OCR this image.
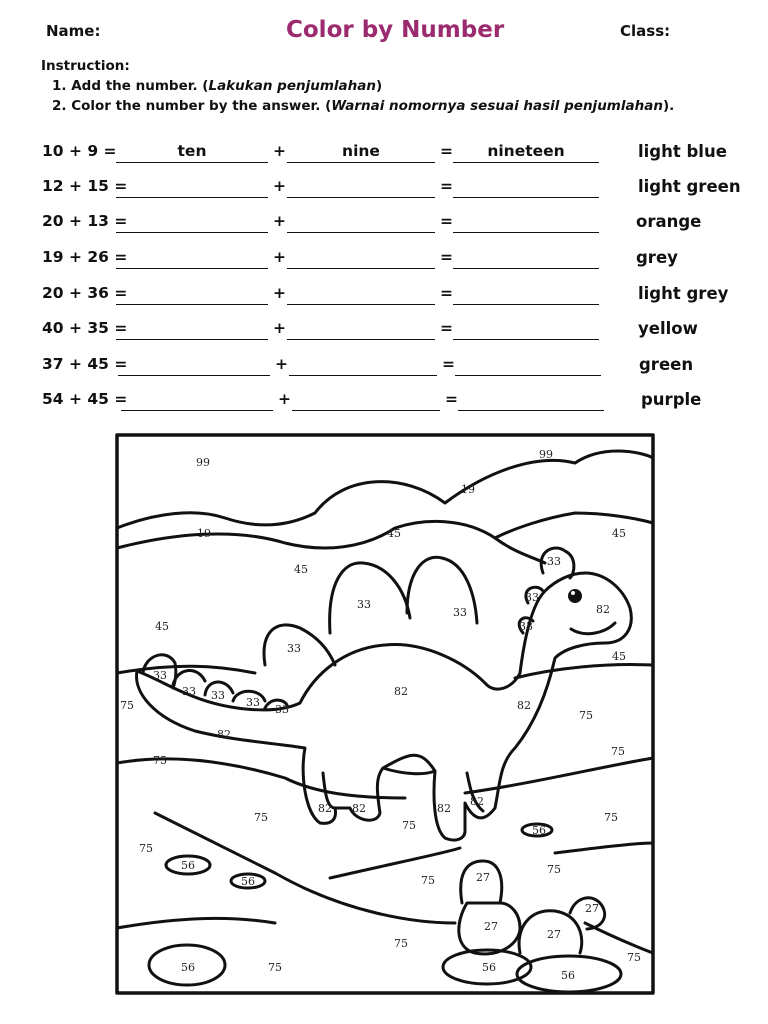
Name:	Color by Number	Class:
Instruction:
1. Add the number. (Lakukan penjumlahan)
2. Color the number by the answer. (Warnai nomornya sesuai hasil penjumlahan).
10 + 9 =	ten	+	nine	=	nineteen	light blue
12 + 15 =	+	=	light green
20 + 13 =	+	=	orange
19 + 26 =	+	=	grey
20 + 36 =	+	=	light grey
40 + 35 =	+	=	yellow
37 + 45 =	+	=	green
54 + 45 =	+	=	purple
99
99
19
19	45	45
45
45
45
33
33
33
33
33
33
82
33
33 33
33
33
75
82
82
82
75
75
75
82 82	82
82
75
75
75
75
75
75
75
75
56
56
56
56	56
56
27
27
27
27
75
